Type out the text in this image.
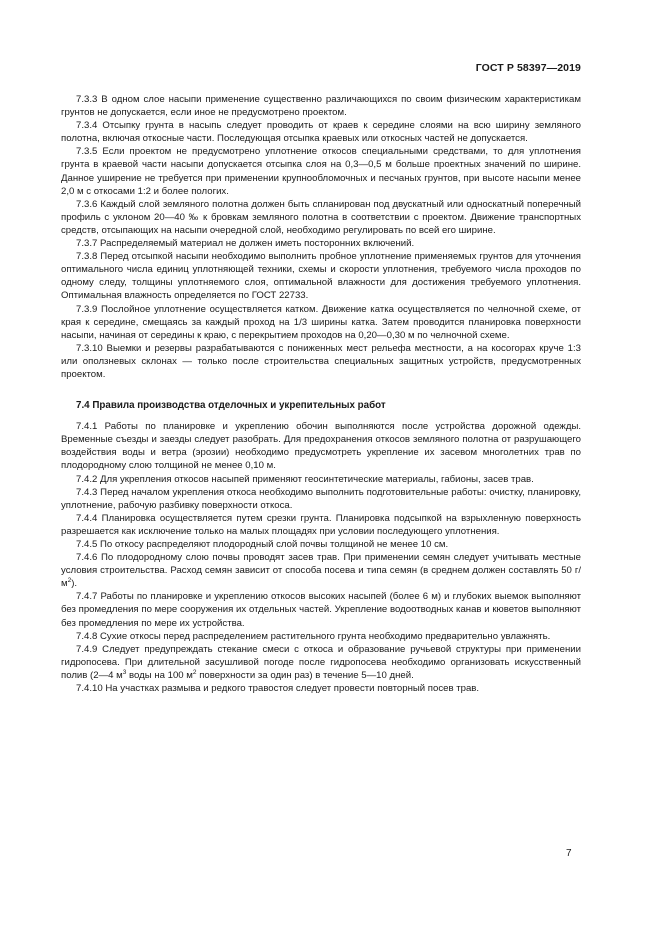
ГОСТ Р 58397—2019

7.3.3 В одном слое насыпи применение существенно различающихся по своим физическим характеристикам грунтов не допускается, если иное не предусмотрено проектом.

7.3.4 Отсыпку грунта в насыпь следует проводить от краев к середине слоями на всю ширину земляного полотна, включая откосные части. Последующая отсыпка краевых или откосных частей не допускается.

7.3.5 Если проектом не предусмотрено уплотнение откосов специальными средствами, то для уплотнения грунта в краевой части насыпи допускается отсыпка слоя на 0,3—0,5 м больше проектных значений по ширине. Данное уширение не требуется при применении крупнообломочных и песчаных грунтов, при высоте насыпи менее 2,0 м с откосами 1:2 и более пологих.

7.3.6 Каждый слой земляного полотна должен быть спланирован под двускатный или односкатный поперечный профиль с уклоном 20—40 ‰ к бровкам земляного полотна в соответствии с проектом. Движение транспортных средств, отсыпающих на насыпи очередной слой, необходимо регулировать по всей его ширине.

7.3.7 Распределяемый материал не должен иметь посторонних включений.

7.3.8 Перед отсыпкой насыпи необходимо выполнить пробное уплотнение применяемых грунтов для уточнения оптимального числа единиц уплотняющей техники, схемы и скорости уплотнения, требуемого числа проходов по одному следу, толщины уплотняемого слоя, оптимальной влажности для достижения требуемого уплотнения. Оптимальная влажность определяется по ГОСТ 22733.

7.3.9 Послойное уплотнение осуществляется катком. Движение катка осуществляется по челночной схеме, от края к середине, смещаясь за каждый проход на 1/3 ширины катка. Затем проводится планировка поверхности насыпи, начиная от середины к краю, с перекрытием проходов на 0,20—0,30 м по челночной схеме.

7.3.10 Выемки и резервы разрабатываются с пониженных мест рельефа местности, а на косогорах круче 1:3 или оползневых склонах — только после строительства специальных защитных устройств, предусмотренных проектом.

7.4 Правила производства отделочных и укрепительных работ

7.4.1 Работы по планировке и укреплению обочин выполняются после устройства дорожной одежды. Временные съезды и заезды следует разобрать. Для предохранения откосов земляного полотна от разрушающего воздействия воды и ветра (эрозии) необходимо предусмотреть укрепление их засевом многолетних трав по плодородному слою толщиной не менее 0,10 м.

7.4.2 Для укрепления откосов насыпей применяют геосинтетические материалы, габионы, засев трав.

7.4.3 Перед началом укрепления откоса необходимо выполнить подготовительные работы: очистку, планировку, уплотнение, рабочую разбивку поверхности откоса.

7.4.4 Планировка осуществляется путем срезки грунта. Планировка подсыпкой на взрыхленную поверхность разрешается как исключение только на малых площадях при условии последующего уплотнения.

7.4.5 По откосу распределяют плодородный слой почвы толщиной не менее 10 см.

7.4.6 По плодородному слою почвы проводят засев трав. При применении семян следует учитывать местные условия строительства. Расход семян зависит от способа посева и типа семян (в среднем должен составлять 50 $г/м^2$).

7.4.7 Работы по планировке и укреплению откосов высоких насыпей (более 6 м) и глубоких выемок выполняют без промедления по мере сооружения их отдельных частей. Укрепление водоотводных канав и кюветов выполняют без промедления по мере их устройства.

7.4.8 Сухие откосы перед распределением растительного грунта необходимо предварительно увлажнять.

7.4.9 Следует предупреждать стекание смеси с откоса и образование ручьевой структуры при применении гидропосева. При длительной засушливой погоде после гидропосева необходимо организовать искусственный полив (2—4 $м^3$ воды на 100 $м^2$ поверхности за один раз) в течение 5—10 дней.

7.4.10 На участках размыва и редкого травостоя следует провести повторный посев трав.

7
